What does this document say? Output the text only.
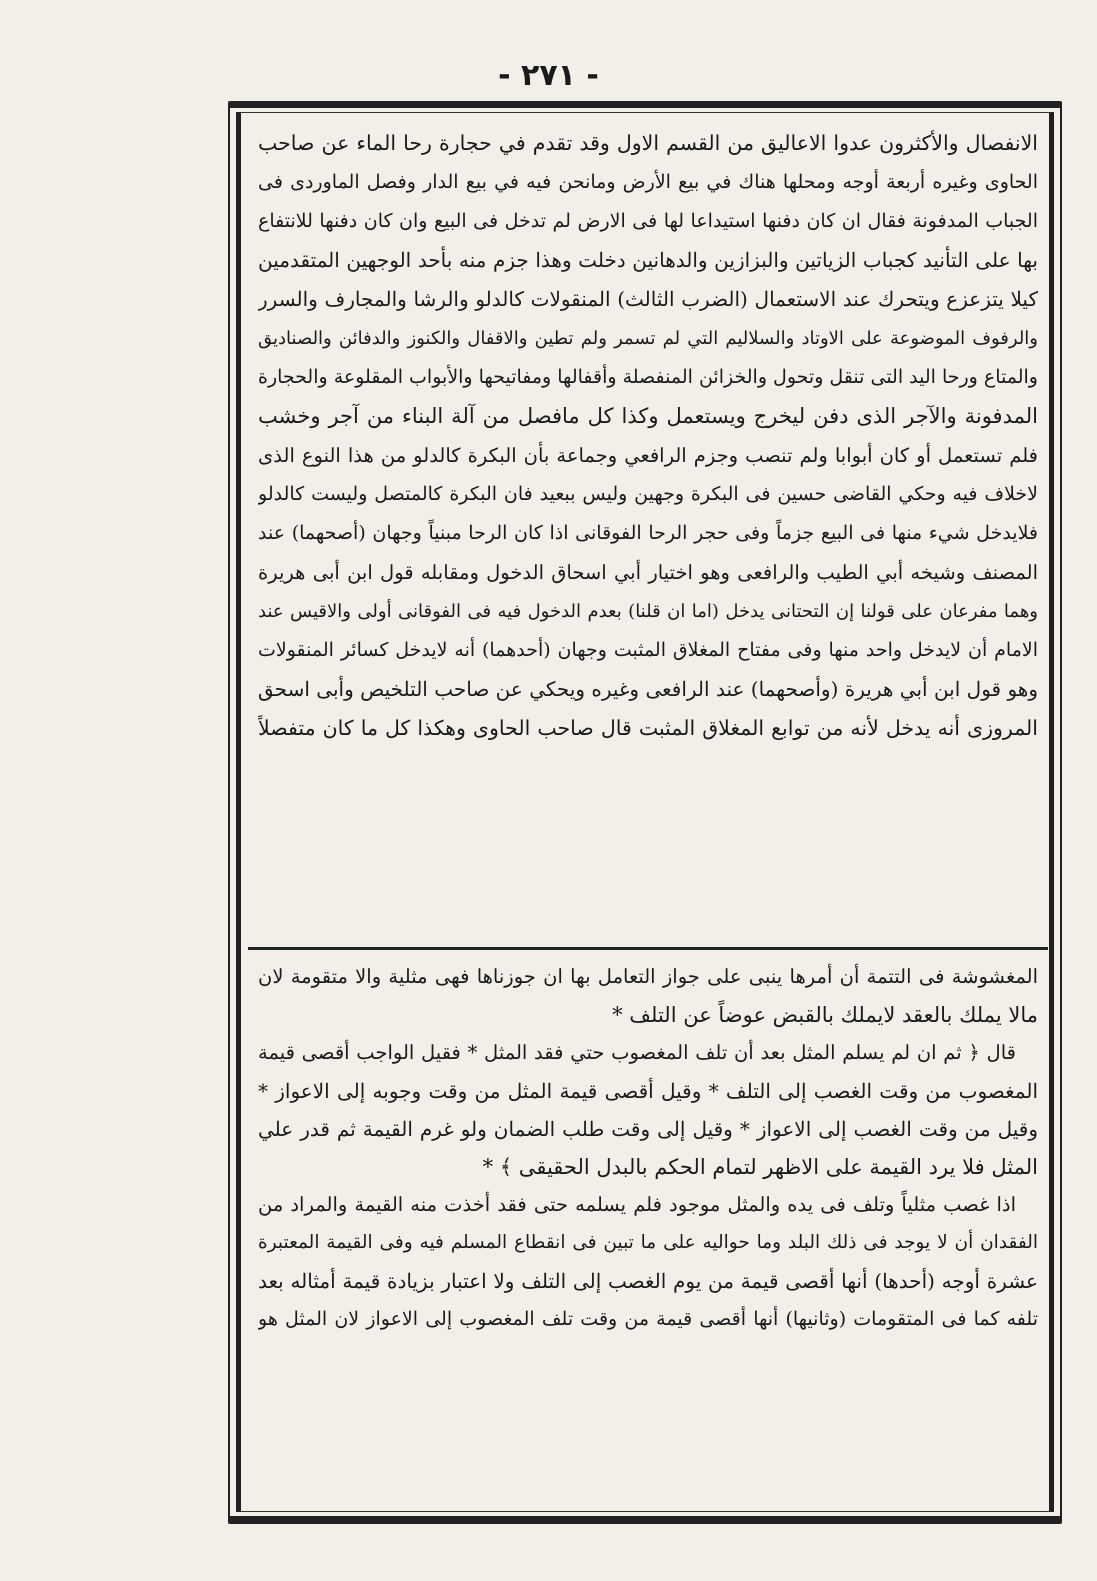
- ٢٧١ -
الانفصال والأكثرون عدوا الاعاليق من القسم الاول وقد تقدم في حجارة رحا الماء عن صاحب
الحاوى وغيره أربعة أوجه ومحلها هناك في بيع الأرض ومانحن فيه في بيع الدار وفصل الماوردى فى
الجباب المدفونة فقال ان كان دفنها استيداعا لها فى الارض لم تدخل فى البيع وان كان دفنها للانتفاع
بها على التأنيد كجباب الزياتين والبزازين والدهانين دخلت وهذا جزم منه بأحد الوجهين المتقدمين
كيلا يتزعزع ويتحرك عند الاستعمال (الضرب الثالث) المنقولات كالدلو والرشا والمجارف والسرر
والرفوف الموضوعة على الاوتاد والسلاليم التي لم تسمر ولم تطين والاقفال والكنوز والدفائن والصناديق
والمتاع ورحا اليد التى تنقل وتحول والخزائن المنفصلة وأقفالها ومفاتيحها والأبواب المقلوعة والحجارة
المدفونة والآجر الذى دفن ليخرج ويستعمل وكذا كل مافصل من آلة البناء من آجر وخشب
فلم تستعمل أو كان أبوابا ولم تنصب وجزم الرافعي وجماعة بأن البكرة كالدلو من هذا النوع الذى
لاخلاف فيه وحكي القاضى حسين فى البكرة وجهين وليس ببعيد فان البكرة كالمتصل وليست كالدلو
فلايدخل شيء منها فى البيع جزماً وفى حجر الرحا الفوقانى اذا كان الرحا مبنياً وجهان (أصحهما) عند
المصنف وشيخه أبي الطيب والرافعى وهو اختيار أبي اسحاق الدخول ومقابله قول ابن أبى هريرة
وهما مفرعان على قولنا إن التحتانى يدخل (اما ان قلنا) بعدم الدخول فيه فى الفوقانى أولى والاقيس عند
الامام أن لايدخل واحد منها وفى مفتاح المغلاق المثبت وجهان (أحدهما) أنه لايدخل كسائر المنقولات
وهو قول ابن أبي هريرة (وأصحهما) عند الرافعى وغيره ويحكي عن صاحب التلخيص وأبى اسحق
المروزى أنه يدخل لأنه من توابع المغلاق المثبت قال صاحب الحاوى وهكذا كل ما كان متفصلاً
المغشوشة فى التتمة أن أمرها ينبى على جواز التعامل بها ان جوزناها فهى مثلية والا متقومة لان
مالا يملك بالعقد لايملك بالقبض عوضاً عن التلف *
قال ﴿ ثم ان لم يسلم المثل بعد أن تلف المغصوب حتي فقد المثل * فقيل الواجب أقصى قيمة
المغصوب من وقت الغصب إلى التلف * وقيل أقصى قيمة المثل من وقت وجوبه إلى الاعواز *
وقيل من وقت الغصب إلى الاعواز * وقيل إلى وقت طلب الضمان ولو غرم القيمة ثم قدر علي
المثل فلا يرد القيمة على الاظهر لتمام الحكم بالبدل الحقيقى ﴾ *
اذا غصب مثلياً وتلف فى يده والمثل موجود فلم يسلمه حتى فقد أخذت منه القيمة والمراد من
الفقدان أن لا يوجد فى ذلك البلد وما حواليه على ما تبين فى انقطاع المسلم فيه وفى القيمة المعتبرة
عشرة أوجه (أحدها) أنها أقصى قيمة من يوم الغصب إلى التلف ولا اعتبار بزيادة قيمة أمثاله بعد
تلفه كما فى المتقومات (وثانيها) أنها أقصى قيمة من وقت تلف المغصوب إلى الاعواز لان المثل هو
